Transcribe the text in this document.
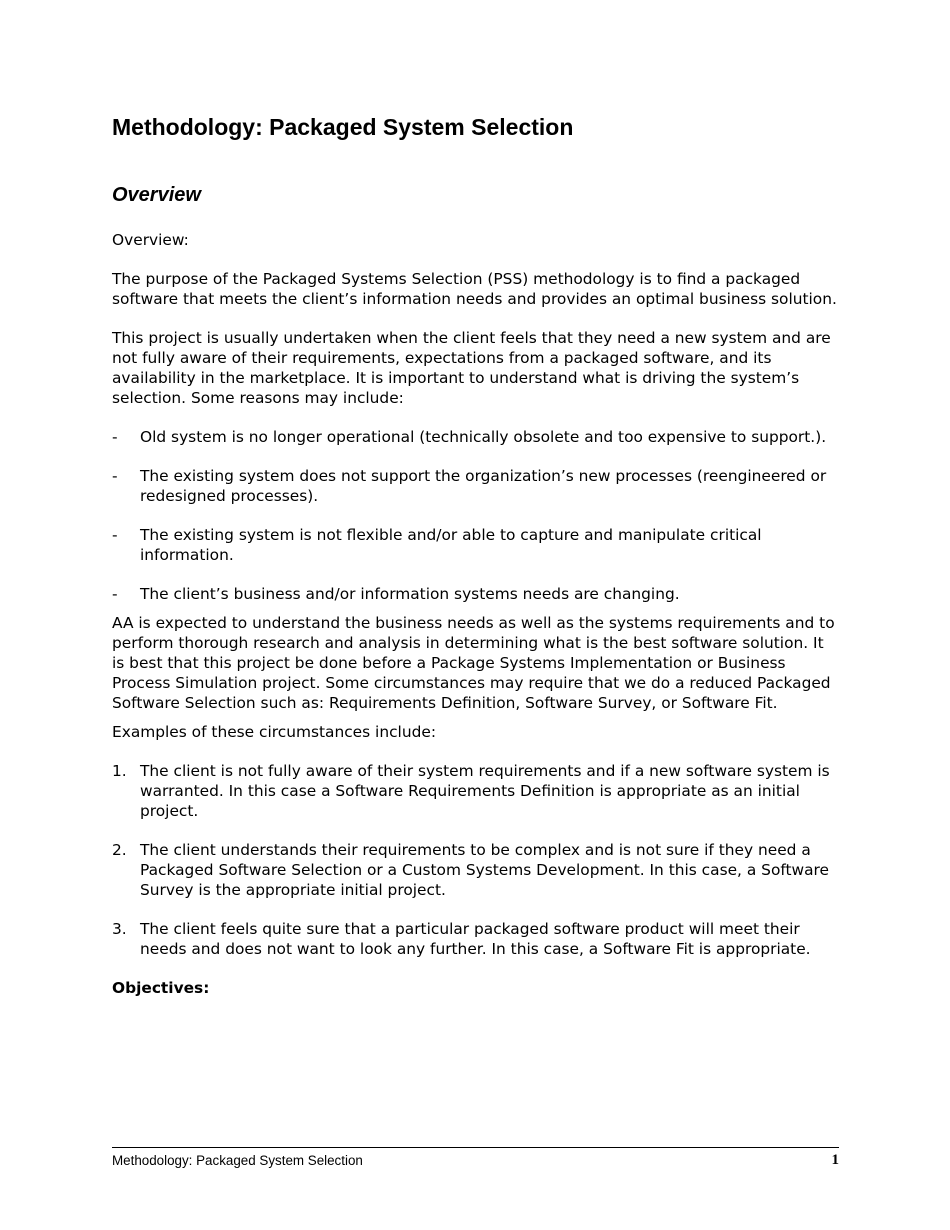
Methodology: Packaged System Selection
Overview

Overview:

The purpose of the Packaged Systems Selection (PSS) methodology is to find a packaged software that meets the client’s information needs and provides an optimal business solution.

This project is usually undertaken when the client feels that they need a new system and are not fully aware of their requirements, expectations from a packaged software, and its availability in the marketplace. It is important to understand what is driving the system’s selection. Some reasons may include:

- Old system is no longer operational (technically obsolete and too expensive to support.).
- The existing system does not support the organization’s new processes (reengineered or redesigned processes).
- The existing system is not flexible and/or able to capture and manipulate critical information.
- The client’s business and/or information systems needs are changing.

AA is expected to understand the business needs as well as the systems requirements and to perform thorough research and analysis in determining what is the best software solution. It is best that this project be done before a Package Systems Implementation or Business Process Simulation project. Some circumstances may require that we do a reduced Packaged Software Selection such as: Requirements Definition, Software Survey, or Software Fit.

Examples of these circumstances include:

1. The client is not fully aware of their system requirements and if a new software system is warranted. In this case a Software Requirements Definition is appropriate as an initial project.
2. The client understands their requirements to be complex and is not sure if they need a Packaged Software Selection or a Custom Systems Development. In this case, a Software Survey is the appropriate initial project.
3. The client feels quite sure that a particular packaged software product will meet their needs and does not want to look any further. In this case, a Software Fit is appropriate.

Objectives:

Methodology: Packaged System Selection	1
